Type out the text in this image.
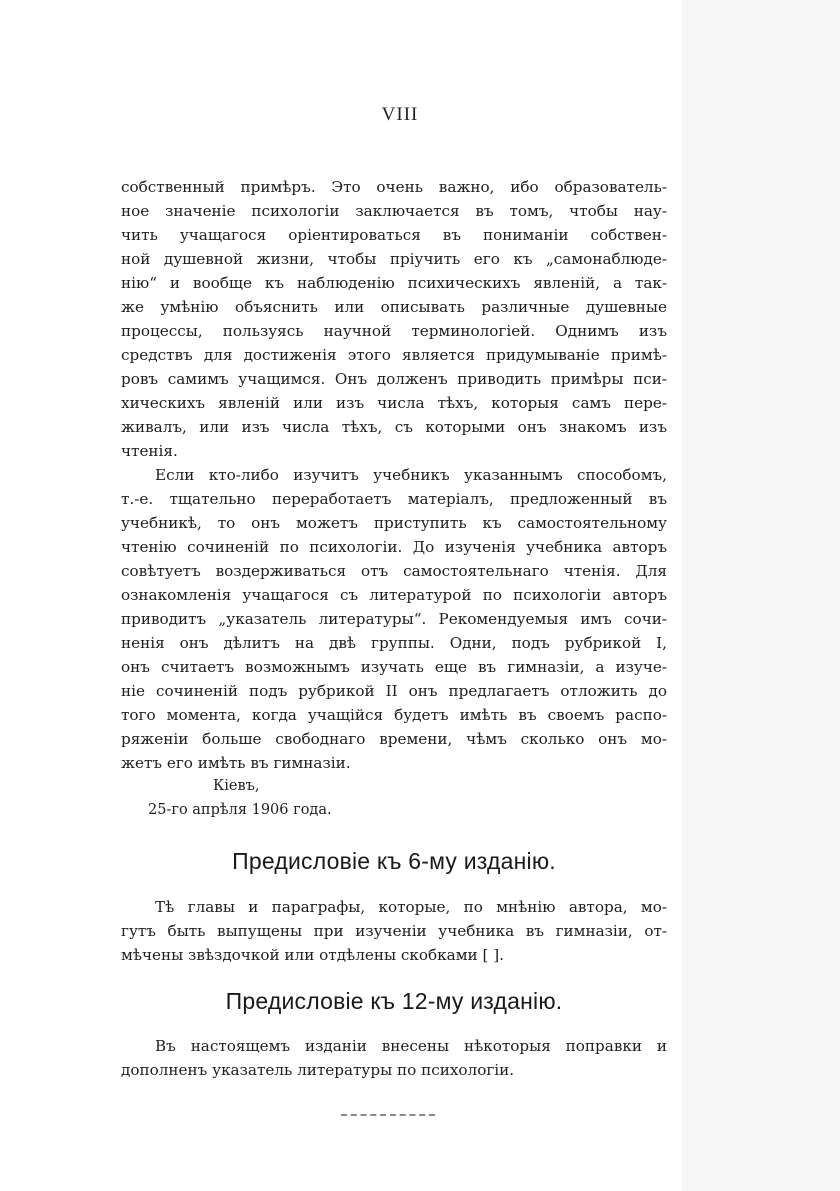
VIII

собственный примѣръ. Это очень важно, ибо образователь-

ное значеніе психологіи заключается въ томъ, чтобы нау-

чить учащагося оріентироваться въ пониманіи собствен-

ной душевной жизни, чтобы пріучить его къ „самонаблюде-

нію“ и вообще къ наблюденію психическихъ явленій, а так-

же умѣнію объяснить или описывать различные душевные

процессы, пользуясь научной терминологіей. Однимъ изъ

средствъ для достиженія этого является придумываніе примѣ-

ровъ самимъ учащимся. Онъ долженъ приводить примѣры пси-

хическихъ явленій или изъ числа тѣхъ, которыя самъ пере-

живалъ, или изъ числа тѣхъ, съ которыми онъ знакомъ изъ

чтенія.

Если кто-либо изучитъ учебникъ указаннымъ способомъ,

т.-е. тщательно переработаетъ матеріалъ, предложенный въ

учебникѣ, то онъ можетъ приступить къ самостоятельному

чтенію сочиненій по психологіи. До изученія учебника авторъ

совѣтуетъ воздерживаться отъ самостоятельнаго чтенія. Для

ознакомленія учащагося съ литературой по психологіи авторъ

приводитъ „указатель литературы“. Рекомендуемыя имъ сочи-

ненія онъ дѣлитъ на двѣ группы. Одни, подъ рубрикой I,

онъ считаетъ возможнымъ изучать еще въ гимназіи, а изуче-

ніе сочиненій подъ рубрикой II онъ предлагаетъ отложить до

того момента, когда учащійся будетъ имѣть въ своемъ распо-

ряженіи больше свободнаго времени, чѣмъ сколько онъ мо-

жетъ его имѣть въ гимназіи.

Кіевъ,
25-го апрѣля 1906 года.
Предисловіе къ 6-му изданію.

Тѣ главы и параграфы, которые, по мнѣнію автора, мо-

гутъ быть выпущены при изученіи учебника въ гимназіи, от-

мѣчены звѣздочкой или отдѣлены скобками [ ].

Предисловіе къ 12-му изданію.

Въ настоящемъ изданіи внесены нѣкоторыя поправки и

дополненъ указатель литературы по психологіи.
